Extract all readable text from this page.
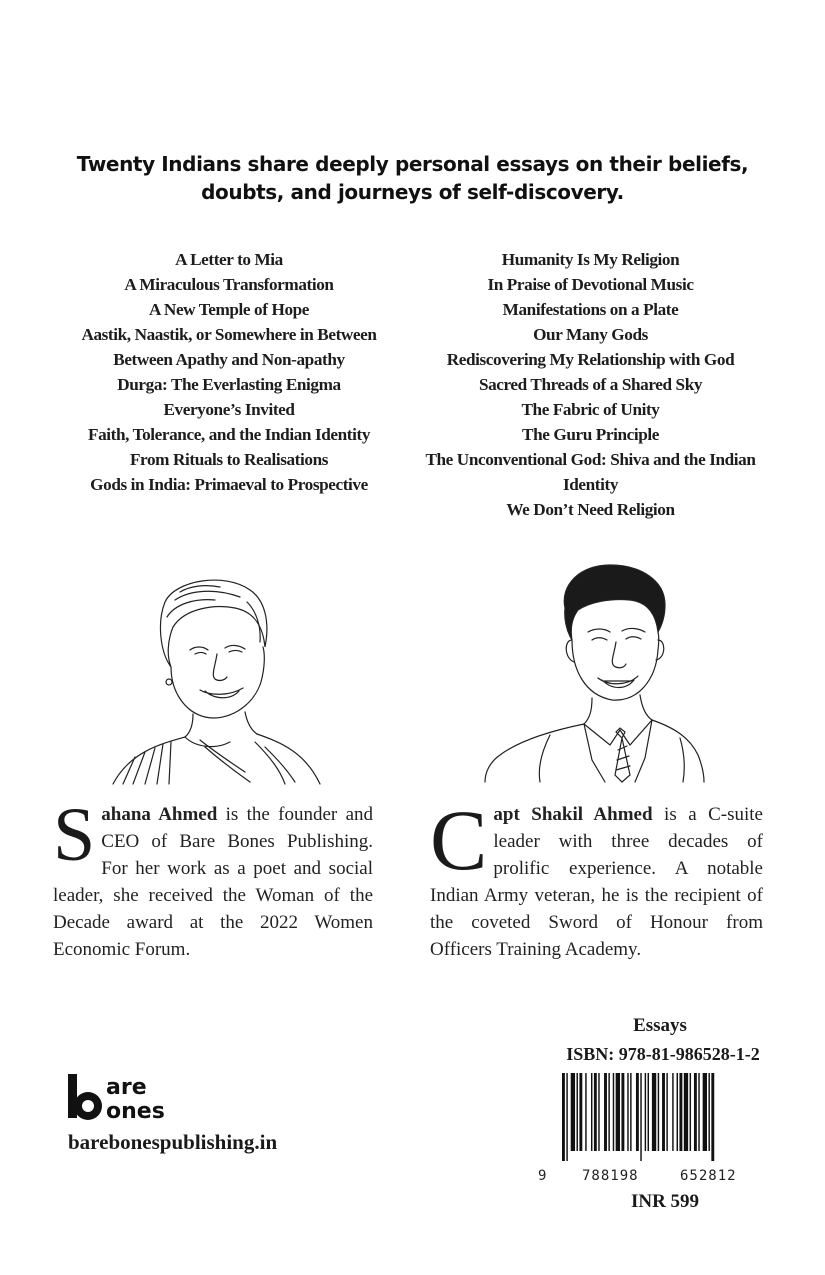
Twenty Indians share deeply personal essays on their beliefs, doubts, and journeys of self-discovery.
A Letter to Mia
A Miraculous Transformation
A New Temple of Hope
Aastik, Naastik, or Somewhere in Between
Between Apathy and Non-apathy
Durga: The Everlasting Enigma
Everyone’s Invited
Faith, Tolerance, and the Indian Identity
From Rituals to Realisations
Gods in India: Primaeval to Prospective
Humanity Is My Religion
In Praise of Devotional Music
Manifestations on a Plate
Our Many Gods
Rediscovering My Relationship with God
Sacred Threads of a Shared Sky
The Fabric of Unity
The Guru Principle
The Unconventional God: Shiva and the Indian Identity
We Don’t Need Religion
Sahana Ahmed is the founder and CEO of Bare Bones Publishing. For her work as a poet and social leader, she received the Woman of the Decade award at the 2022 Women Economic Forum.
Capt Shakil Ahmed is a C-suite leader with three decades of prolific experience. A notable Indian Army veteran, he is the recipient of the coveted Sword of Honour from Officers Training Academy.
are
ones
barebonespublishing.in
Essays
ISBN: 978-81-986528-1-2
9	788198	652812
INR 599
